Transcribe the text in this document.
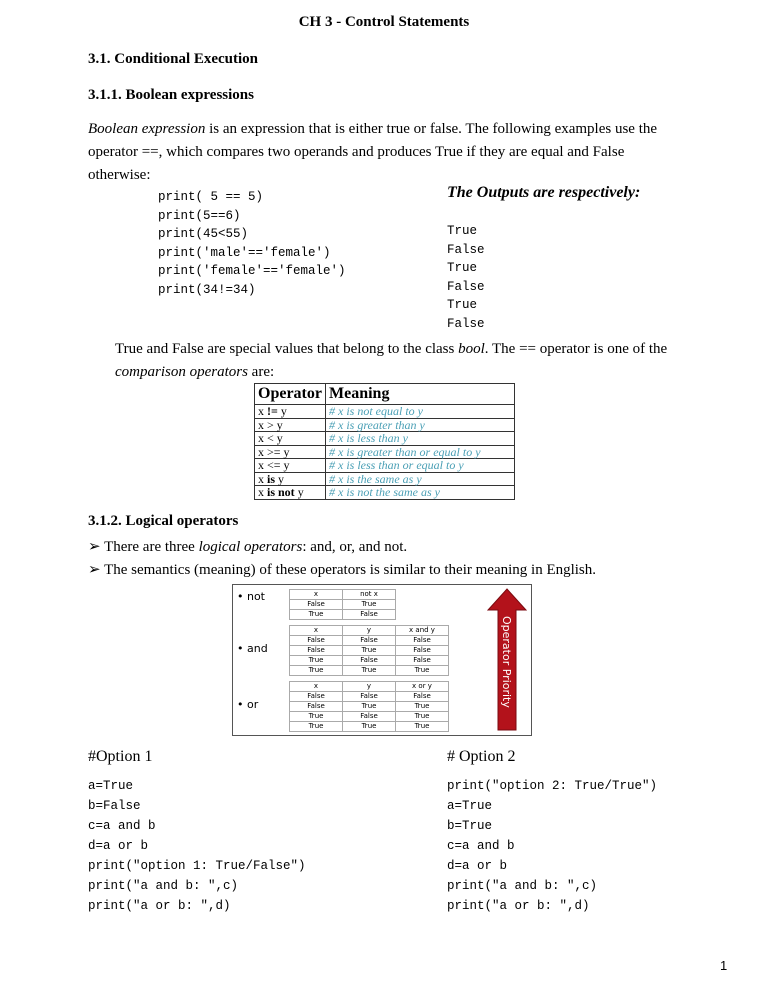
CH 3 - Control Statements
3.1. Conditional Execution
3.1.1. Boolean expressions
Boolean expression is an expression that is either true or false. The following examples use the
operator ==, which compares two operands and produces True if they are equal and False
otherwise:
print( 5 == 5)
print(5==6)
print(45<55)
print('male'=='female')
print('female'=='female')
print(34!=34)
The Outputs are respectively:
True
False
True
False
True
False
True and False are special values that belong to the class bool. The == operator is one of the
comparison operators are:
Operator	Meaning
x != y	# x is not equal to y
x > y	# x is greater than y
x < y	# x is less than y
x >= y	# x is greater than or equal to y
x <= y	# x is less than or equal to y
x is y	# x is the same as y
x is not y	# x is not the same as y
3.1.2. Logical operators
➢ There are three logical operators: and, or, and not.
➢ The semantics (meaning) of these operators is similar to their meaning in English.
• not	x	not x
False	True
True	False
• and
x	y	x and y
False	False	False
False	True	False
True	False	False
True	True	True
• or
x	y	x or y
False	False	False
False	True	True
True	False	True
True	True	True
Operator Priority
#Option 1
a=True
b=False
c=a and b
d=a or b
print("option 1: True/False")
print("a and b: ",c)
print("a or b: ",d)
# Option 2
print("option 2: True/True")
a=True
b=True
c=a and b
d=a or b
print("a and b: ",c)
print("a or b: ",d)
1
